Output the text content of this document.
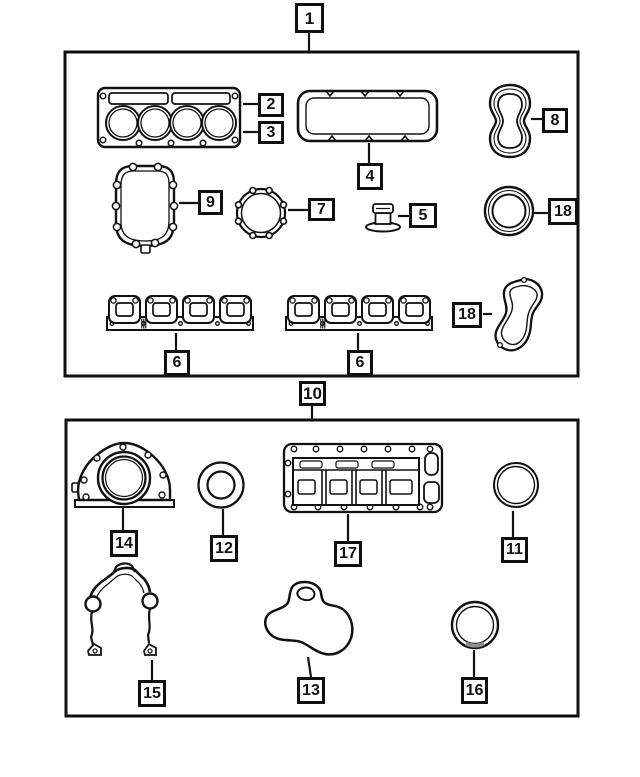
1
2
3
4
5
6	6
7
8
9
10
11
12
13
14
15	16
17
18
18
